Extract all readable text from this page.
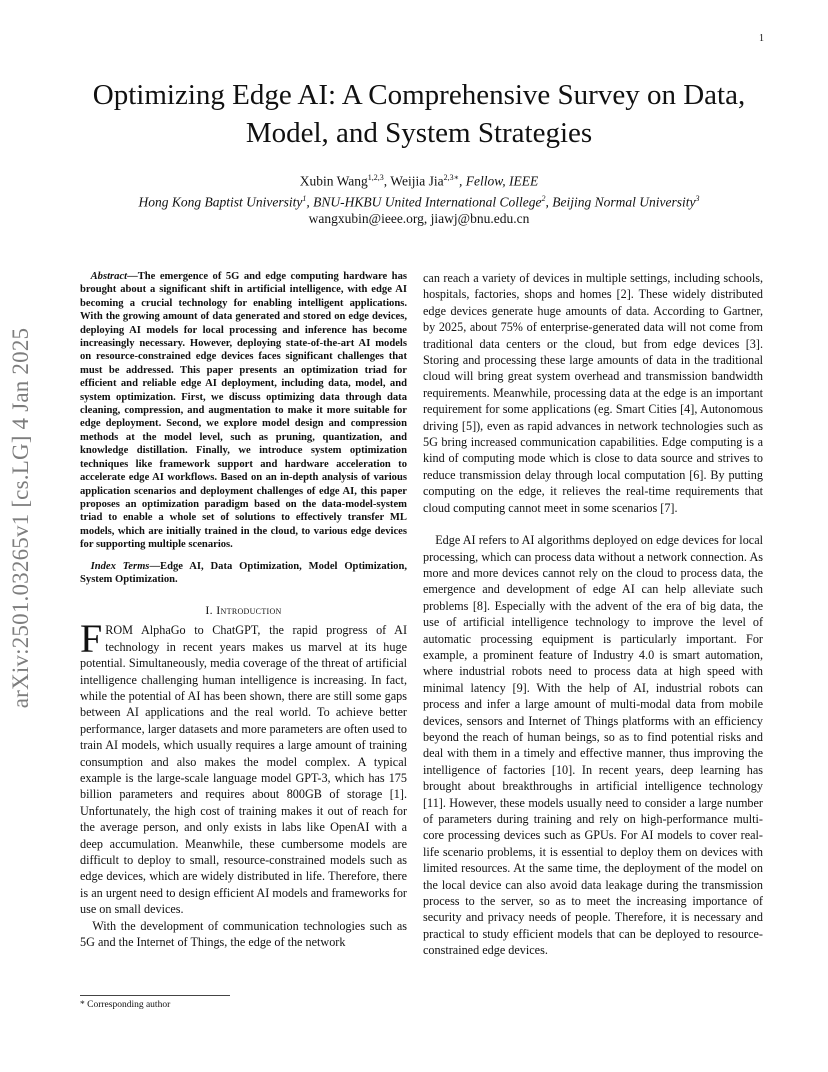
1
arXiv:2501.03265v1 [cs.LG] 4 Jan 2025
Optimizing Edge AI: A Comprehensive Survey on Data, Model, and System Strategies
Xubin Wang$^{1,2,3}$, Weijia Jia$^{2,3∗}$, Fellow, IEEE
Hong Kong Baptist University$^1$, BNU-HKBU United International College$^2$, Beijing Normal University$^3$
wangxubin@ieee.org, jiawj@bnu.edu.cn

Abstract—The emergence of 5G and edge computing hardware has brought about a significant shift in artificial intelligence, with edge AI becoming a crucial technology for enabling intelligent applications. With the growing amount of data generated and stored on edge devices, deploying AI models for local processing and inference has become increasingly necessary. However, deploying state-of-the-art AI models on resource-constrained edge devices faces significant challenges that must be addressed. This paper presents an optimization triad for efficient and reliable edge AI deployment, including data, model, and system optimization. First, we discuss optimizing data through data cleaning, compression, and augmentation to make it more suitable for edge deployment. Second, we explore model design and compression methods at the model level, such as pruning, quantization, and knowledge distillation. Finally, we introduce system optimization techniques like framework support and hardware acceleration to accelerate edge AI workflows. Based on an in-depth analysis of various application scenarios and deployment challenges of edge AI, this paper proposes an optimization paradigm based on the data-model-system triad to enable a whole set of solutions to effectively transfer ML models, which are initially trained in the cloud, to various edge devices for supporting multiple scenarios.

Index Terms—Edge AI, Data Optimization, Model Optimization, System Optimization.

I. Introduction

FROM AlphaGo to ChatGPT, the rapid progress of AI technology in recent years makes us marvel at its huge potential. Simultaneously, media coverage of the threat of artificial intelligence challenging human intelligence is increasing. In fact, while the potential of AI has been shown, there are still some gaps between AI applications and the real world. To achieve better performance, larger datasets and more parameters are often used to train AI models, which usually requires a large amount of training consumption and also makes the model complex. A typical example is the large-scale language model GPT-3, which has 175 billion parameters and requires about 800GB of storage [1]. Unfortunately, the high cost of training makes it out of reach for the average person, and only exists in labs like OpenAI with a deep accumulation. Meanwhile, these cumbersome models are difficult to deploy to small, resource-constrained models such as edge devices, which are widely distributed in life. Therefore, there is an urgent need to design efficient AI models and frameworks for use on small devices.

With the development of communication technologies such as 5G and the Internet of Things, the edge of the network

can reach a variety of devices in multiple settings, including schools, hospitals, factories, shops and homes [2]. These widely distributed edge devices generate huge amounts of data. According to Gartner, by 2025, about 75% of enterprise-generated data will not come from traditional data centers or the cloud, but from edge devices [3]. Storing and processing these large amounts of data in the traditional cloud will bring great system overhead and transmission bandwidth requirements. Meanwhile, processing data at the edge is an important requirement for some applications (eg. Smart Cities [4], Autonomous driving [5]), even as rapid advances in network technologies such as 5G bring increased communication capabilities. Edge computing is a kind of computing mode which is close to data source and strives to reduce transmission delay through local computation [6]. By putting computing on the edge, it relieves the real-time requirements that cloud computing cannot meet in some scenarios [7].

Edge AI refers to AI algorithms deployed on edge devices for local processing, which can process data without a network connection. As more and more devices cannot rely on the cloud to process data, the emergence and development of edge AI can help alleviate such problems [8]. Especially with the advent of the era of big data, the use of artificial intelligence technology to improve the level of automatic processing equipment is particularly important. For example, a prominent feature of Industry 4.0 is smart automation, where industrial robots need to process data at high speed with minimal latency [9]. With the help of AI, industrial robots can process and infer a large amount of multi-modal data from mobile devices, sensors and Internet of Things platforms with an efficiency beyond the reach of human beings, so as to find potential risks and deal with them in a timely and effective manner, thus improving the intelligence of factories [10]. In recent years, deep learning has brought about breakthroughs in artificial intelligence technology [11]. However, these models usually need to consider a large number of parameters during training and rely on high-performance multi-core processing devices such as GPUs. For AI models to cover real-life scenario problems, it is essential to deploy them on devices with limited resources. At the same time, the deployment of the model on the local device can also avoid data leakage during the transmission process to the server, so as to meet the increasing importance of security and privacy needs of people. Therefore, it is necessary and practical to study efficient models that can be deployed to resource-constrained edge devices.

* Corresponding author
